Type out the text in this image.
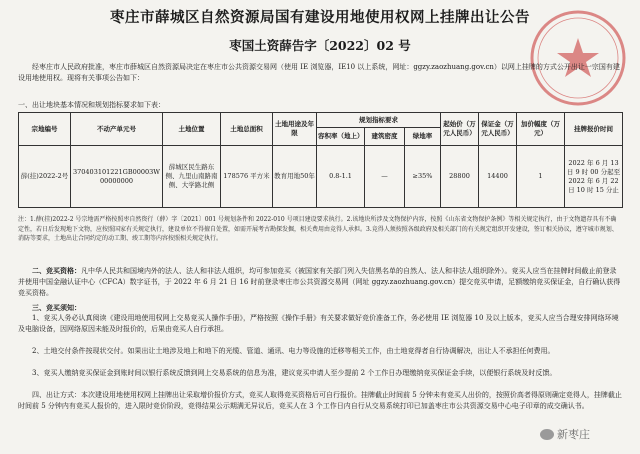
枣庄市薛城区自然资源局国有建设用地使用权网上挂牌出让公告
枣国土资薛告字〔2022〕02 号
经枣庄市人民政府批准，枣庄市薛城区自然资源局决定在枣庄市公共资源交易网（使用 IE 浏览器，IE10 以上系统，网址：ggzy.zaozhuang.gov.cn）以网上挂牌的方式公开出让一宗国有建设用地使用权。现将有关事项公告如下：
一、出让地块基本情况和规划指标要求如下表：
宗地编号	不动产单元号	土地位置	土地总面积	土地用途及年限	规划指标要求			起始价（万元人民币）	保证金（万元人民币）	加价幅度（万元）	挂牌报价时间
					容积率（地上）	建筑密度	绿地率				
薛(挂)2022-2号	370403101221GB00003W00000000	薛城区民生路东侧、九里山南路南侧、大学路北侧	178576 平方米	教育用地50年	0.8-1.1	—	≥35%	28800	14400	1	2022 年 6 月 13 日 9 时 00 分起至 2022 年 6 月 22 日 10 时 15 分止
注：1.薛(挂)2022-2 号宗地需严格按照枣自然资行（薛）字〔2021〕001 号规划条件和 2022-010 号项目建设要求执行。2.该地块所涉及文物保护内容，按照《山东省文物保护条例》等相关规定执行，由于文物遗存具有不确定性，若日后发现地下文物，应按照国家有关规定执行，建设单位不得擅自处置，如需开展考古勘探发掘，相关费用由竞得人承担。3.竞得人须按照各级政府及相关部门的有关规定组织开发建设，签订相关协议，遵守城市规划、消防等要求，土地出让合同约定的动工期、竣工期等内容按照相关规定执行。
二、竞买资格：凡中华人民共和国境内外的法人、法人和非法人组织，均可参加竞买（被国家有关部门列入失信黑名单的自然人、法人和非法人组织除外）。竞买人应当在挂牌时间截止前登录并使用中国金融认证中心（CFCA）数字证书，于 2022 年 6 月 21 日 16 时前登录枣庄市公共资源交易网（网址 ggzy.zaozhuang.gov.cn）提交竞买申请，足额缴纳竞买保证金，自行确认获得竞买资格。
三、竞买须知：
1、竞买人务必认真阅读《建设用地使用权网上交易竞买人操作手册》，严格按照《操作手册》有关要求做好竞价准备工作，务必使用 IE 浏览器 10 及以上版本，竞买人应当合理安排网络环境及电脑设备，因网络原因未能及时报价的，后果由竞买人自行承担。
2、土地交付条件按现状交付。如果出让土地涉及地上和地下的光缆、管道、通讯、电力等设施的迁移等相关工作，由土地竞得者自行协调解决，出让人不承担任何费用。
3、竞买人缴纳竞买保证金到账时间以银行系统反馈到网上交易系统的信息为准，建议竞买申请人至少提前 2 个工作日办理缴纳竞买保证金手续，以便银行系统及时反馈。
四、出让方式：本次建设用地使用权网上挂牌出让采取增价报价方式，竞买人取得竞买资格后可自行报价。挂牌截止时间前 5 分钟未有竞买人出价的，按照价高者得原则确定竞得人，挂牌截止时间前 5 分钟内有竞买人报价的，进入限时竞价阶段，竞得结果公示期满无异议后，竞买人在 3 个工作日内自行从交易系统打印已加盖枣庄市公共资源交易中心电子印章的成交确认书。
新枣庄
